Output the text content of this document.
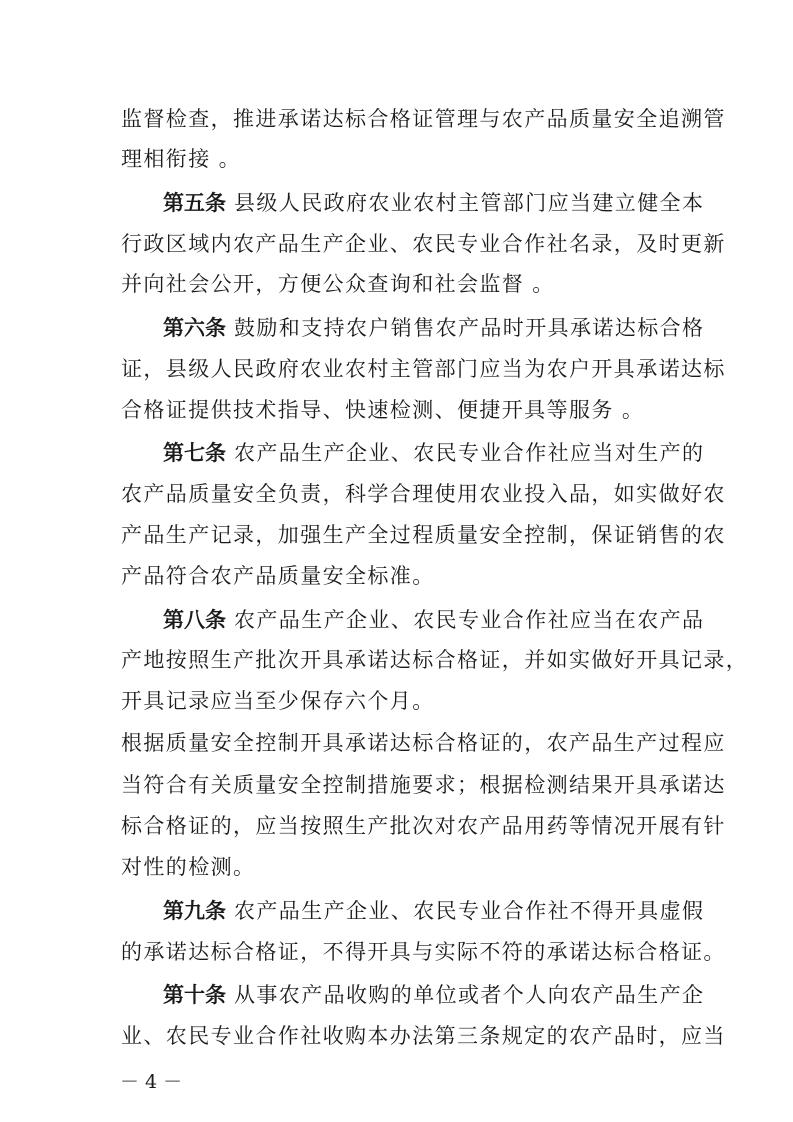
监督检查，推进承诺达标合格证管理与农产品质量安全追溯管
理相衔接 。
第五条 县级人民政府农业农村主管部门应当建立健全本
行政区域内农产品生产企业、农民专业合作社名录，及时更新
并向社会公开，方便公众查询和社会监督 。
第六条 鼓励和支持农户销售农产品时开具承诺达标合格
证，县级人民政府农业农村主管部门应当为农户开具承诺达标
合格证提供技术指导、快速检测、便捷开具等服务 。
第七条 农产品生产企业、农民专业合作社应当对生产的
农产品质量安全负责，科学合理使用农业投入品，如实做好农
产品生产记录，加强生产全过程质量安全控制，保证销售的农
产品符合农产品质量安全标准。
第八条 农产品生产企业、农民专业合作社应当在农产品
产地按照生产批次开具承诺达标合格证，并如实做好开具记录，
开具记录应当至少保存六个月。
根据质量安全控制开具承诺达标合格证的，农产品生产过程应
当符合有关质量安全控制措施要求；根据检测结果开具承诺达
标合格证的，应当按照生产批次对农产品用药等情况开展有针
对性的检测。
第九条 农产品生产企业、农民专业合作社不得开具虚假
的承诺达标合格证，不得开具与实际不符的承诺达标合格证。
第十条 从事农产品收购的单位或者个人向农产品生产企
业、农民专业合作社收购本办法第三条规定的农产品时，应当
－ 4 －
